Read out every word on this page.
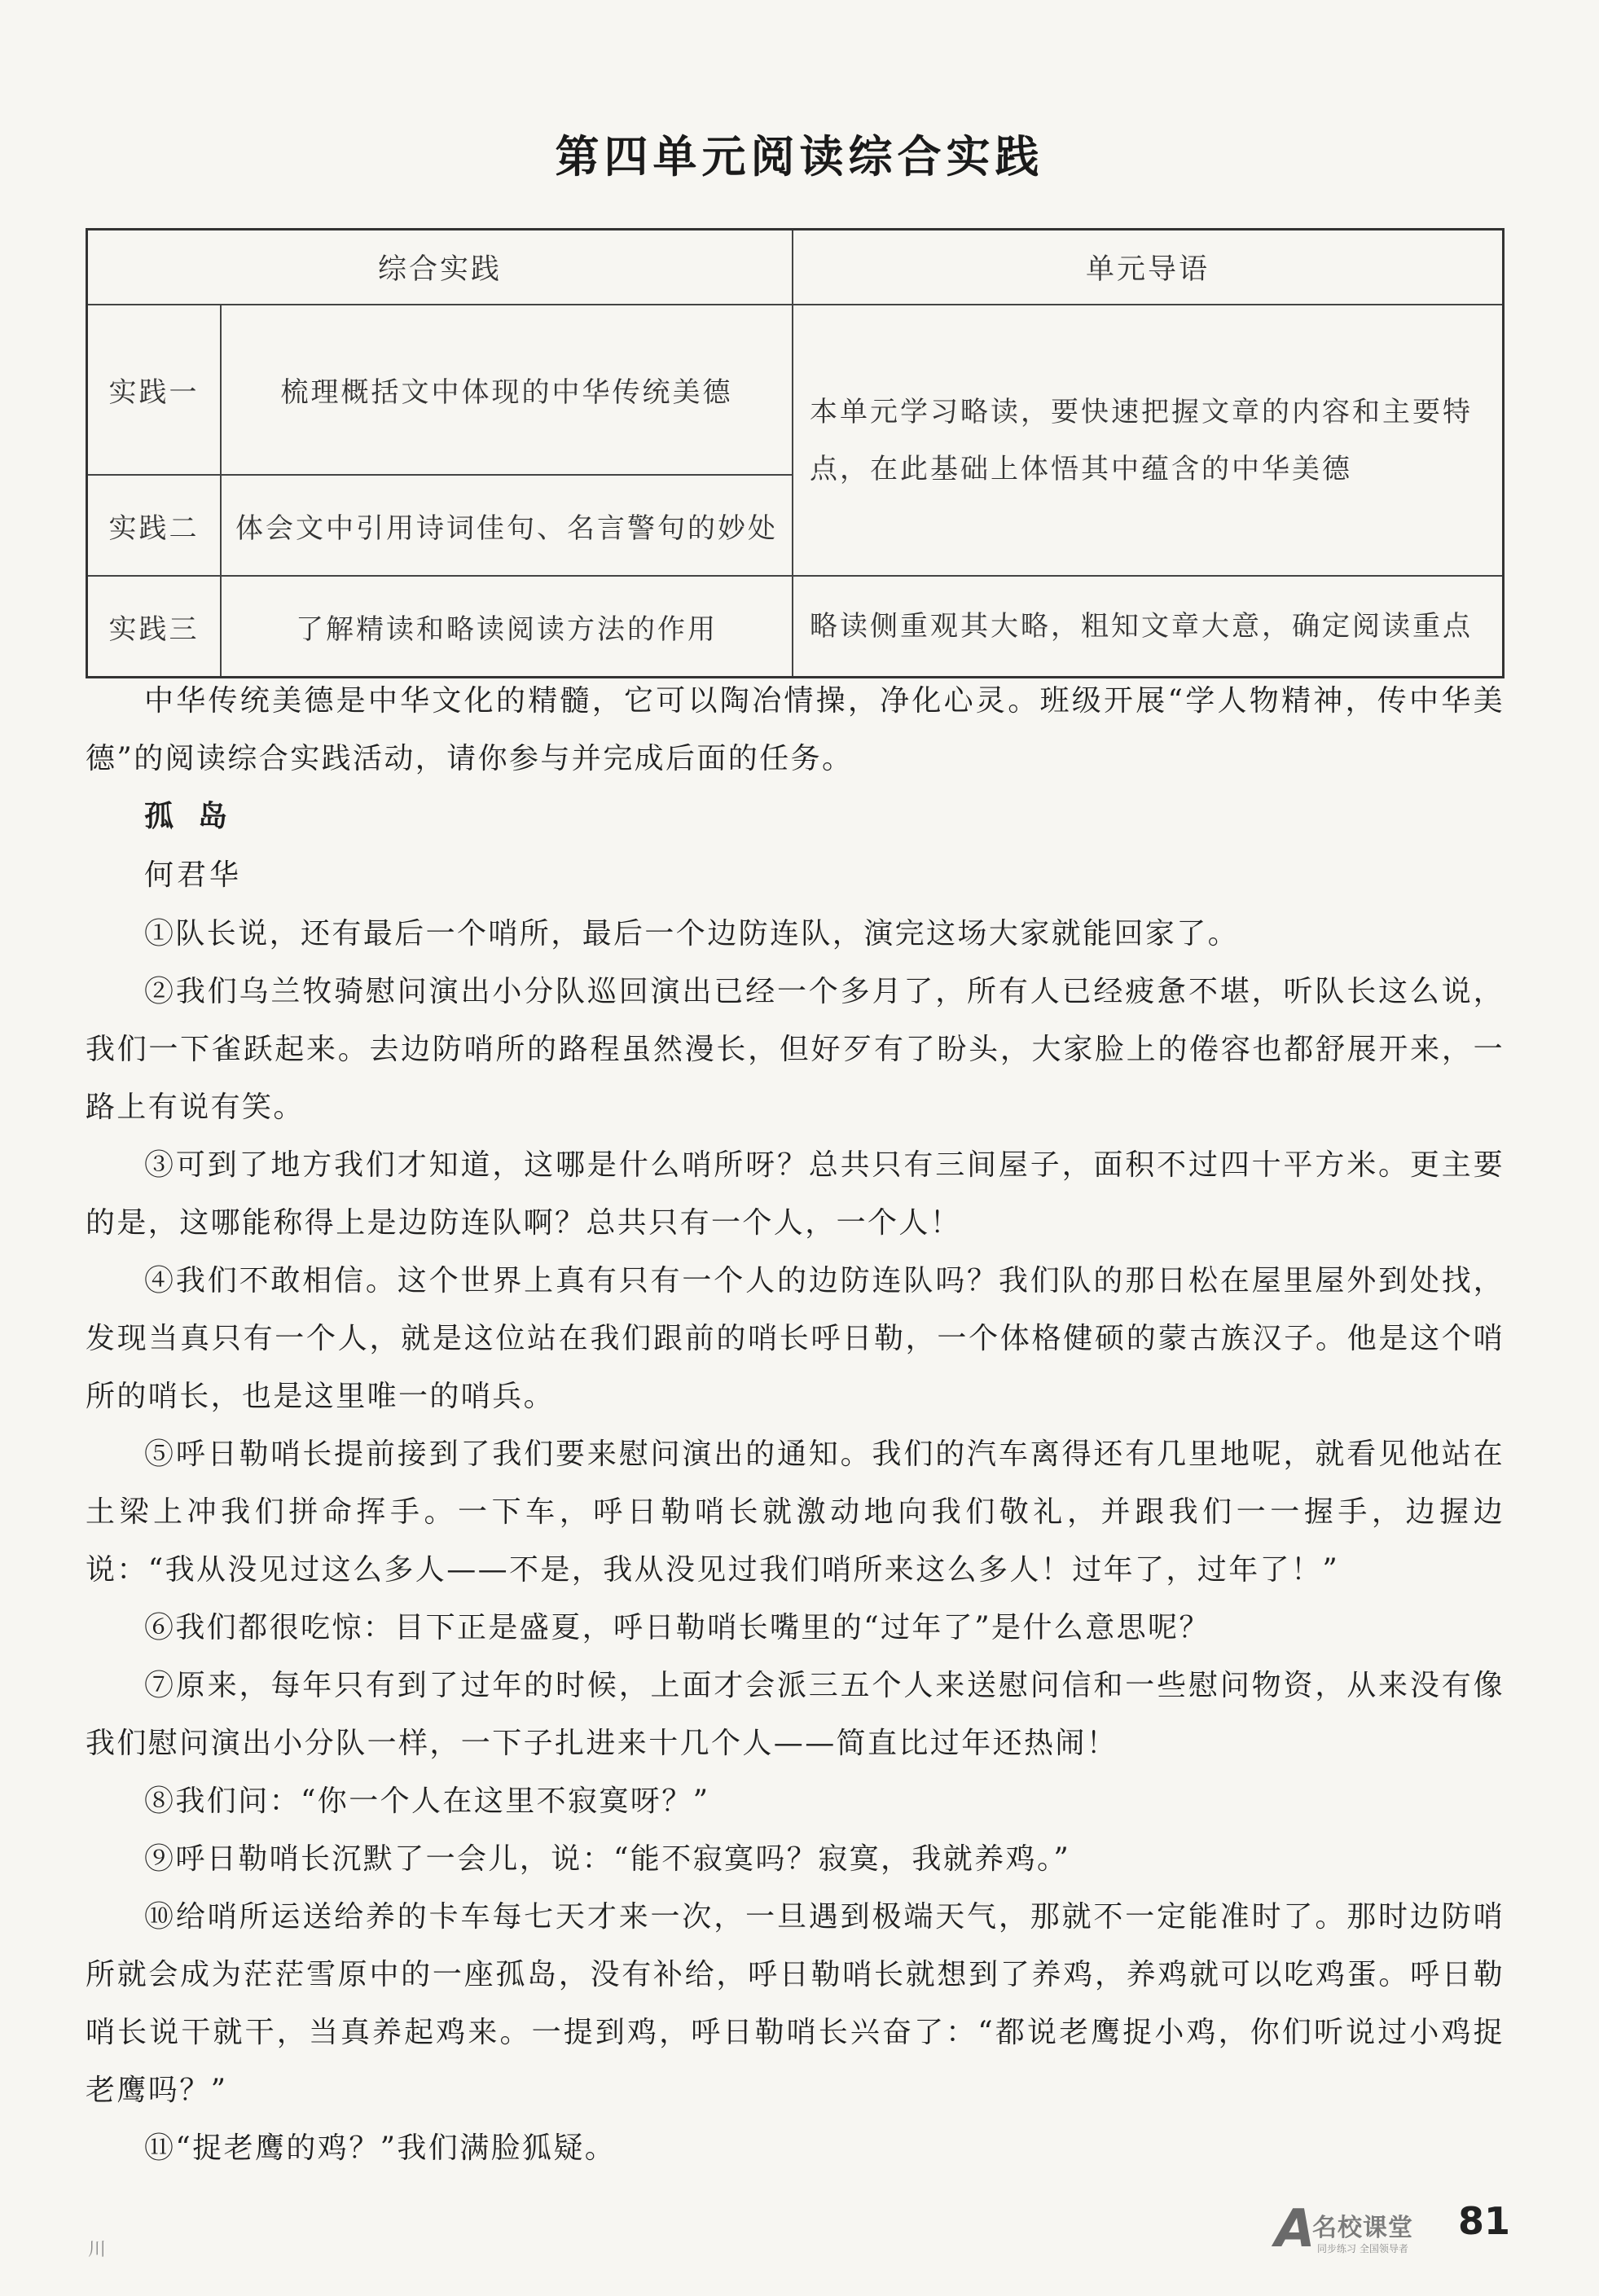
第四单元阅读综合实践
综合实践		单元导语
实践一	梳理概括文中体现的中华传统美德	本单元学习略读，要快速把握文章的内容和主要特点，在此基础上体悟其中蕴含的中华美德
实践二	体会文中引用诗词佳句、名言警句的妙处	
实践三	了解精读和略读阅读方法的作用	略读侧重观其大略，粗知文章大意，确定阅读重点

中华传统美德是中华文化的精髓，它可以陶冶情操，净化心灵。班级开展“学人物精神，传中华美德”的阅读综合实践活动，请你参与并完成后面的任务。

孤岛

何君华

①队长说，还有最后一个哨所，最后一个边防连队，演完这场大家就能回家了。

②我们乌兰牧骑慰问演出小分队巡回演出已经一个多月了，所有人已经疲惫不堪，听队长这么说，我们一下雀跃起来。去边防哨所的路程虽然漫长，但好歹有了盼头，大家脸上的倦容也都舒展开来，一路上有说有笑。

③可到了地方我们才知道，这哪是什么哨所呀？总共只有三间屋子，面积不过四十平方米。更主要的是，这哪能称得上是边防连队啊？总共只有一个人，一个人！

④我们不敢相信。这个世界上真有只有一个人的边防连队吗？我们队的那日松在屋里屋外到处找，发现当真只有一个人，就是这位站在我们跟前的哨长呼日勒，一个体格健硕的蒙古族汉子。他是这个哨所的哨长，也是这里唯一的哨兵。

⑤呼日勒哨长提前接到了我们要来慰问演出的通知。我们的汽车离得还有几里地呢，就看见他站在土梁上冲我们拼命挥手。一下车，呼日勒哨长就激动地向我们敬礼，并跟我们一一握手，边握边说：“我从没见过这么多人——不是，我从没见过我们哨所来这么多人！过年了，过年了！”

⑥我们都很吃惊：目下正是盛夏，呼日勒哨长嘴里的“过年了”是什么意思呢？

⑦原来，每年只有到了过年的时候，上面才会派三五个人来送慰问信和一些慰问物资，从来没有像我们慰问演出小分队一样，一下子扎进来十几个人——简直比过年还热闹！

⑧我们问：“你一个人在这里不寂寞呀？”

⑨呼日勒哨长沉默了一会儿，说：“能不寂寞吗？寂寞，我就养鸡。”

⑩给哨所运送给养的卡车每七天才来一次，一旦遇到极端天气，那就不一定能准时了。那时边防哨所就会成为茫茫雪原中的一座孤岛，没有补给，呼日勒哨长就想到了养鸡，养鸡就可以吃鸡蛋。呼日勒哨长说干就干，当真养起鸡来。一提到鸡，呼日勒哨长兴奋了：“都说老鹰捉小鸡，你们听说过小鸡捉老鹰吗？”

⑪“捉老鹰的鸡？”我们满脸狐疑。

川	A
名校课堂
同步练习 全国领导者
81
